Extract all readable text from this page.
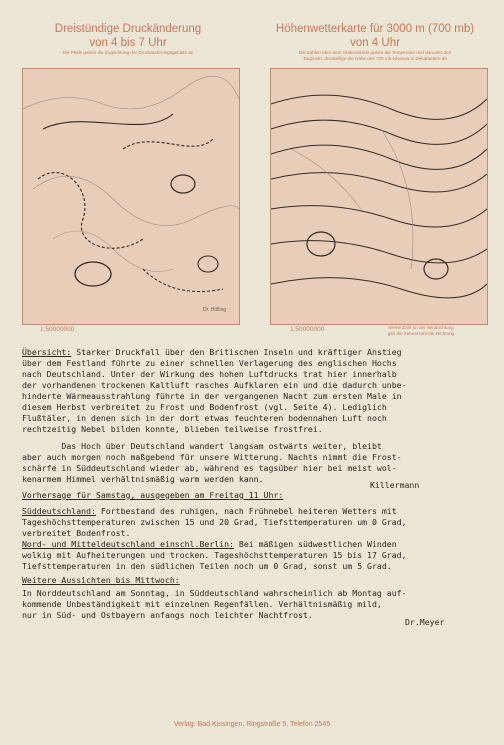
Dreistündige Druckänderung
von 4 bis 7 Uhr
Die Pfeile geben die Zugrichtung der Druckänderungsgebiete an
Dr. Hölling
1:50000000
Höhenwetterkarte für 3000 m (700 mb)
von 4 Uhr
Die Zahlen über dem Stationskreis geben die Temperatur und darunter den
Taupunkt, dreistellige die Höhe des 700 mb-Niveaus in Dekametern an
1:50000000	Kleine Zahl an der Windrichtung
gibt die Zehnerzahl der Richtung
Übersicht: Starker Druckfall über den Britischen Inseln und kräftiger Anstieg
über dem Festland führte zu einer schnellen Verlagerung des englischen Hochs
nach Deutschland. Unter der Wirkung des hohen Luftdrucks trat hier innerhalb
der vorhandenen trockenen Kaltluft rasches Aufklaren ein und die dadurch unbe-
hinderte Wärmeausstrahlung führte in der vergangenen Nacht zum ersten Male in
diesem Herbst verbreitet zu Frost und Bodenfrost (vgl. Seite 4). Lediglich
Flußtäler, in denen sich in der dort etwas feuchteren bodennahen Luft noch
rechtzeitig Nebel bilden konnte, blieben teilweise frostfrei.
Das Hoch über Deutschland wandert langsam ostwärts weiter, bleibt
aber auch morgen noch maßgebend für unsere Witterung. Nachts nimmt die Frost-
schärfe in Süddeutschland wieder ab, während es tagsüber hier bei meist wol-
kenarmem Himmel verhältnismäßig warm werden kann.
Killermann
Vorhersage für Samstag, ausgegeben am Freitag 11 Uhr:
Süddeutschland: Fortbestand des ruhigen, nach Frühnebel heiteren Wetters mit
Tageshöchsttemperaturen zwischen 15 und 20 Grad, Tiefsttemperaturen um 0 Grad,
verbreitet Bodenfrost.
Nord- und Mitteldeutschland einschl.Berlin: Bei mäßigen südwestlichen Winden
wolkig mit Aufheiterungen und trocken. Tageshöchsttemperaturen 15 bis 17 Grad,
Tiefsttemperaturen in den südlichen Teilen noch um 0 Grad, sonst um 5 Grad.
Weitere Aussichten bis Mittwoch:
In Norddeutschland am Sonntag, in Süddeutschland wahrscheinlich ab Montag auf-
kommende Unbeständigkeit mit einzelnen Regenfällen. Verhältnismäßig mild,
nur in Süd- und Ostbayern anfangs noch leichter Nachtfrost.
Dr.Meyer
Verlag: Bad Kissingen, Ringstraße 5, Telefon 2545
